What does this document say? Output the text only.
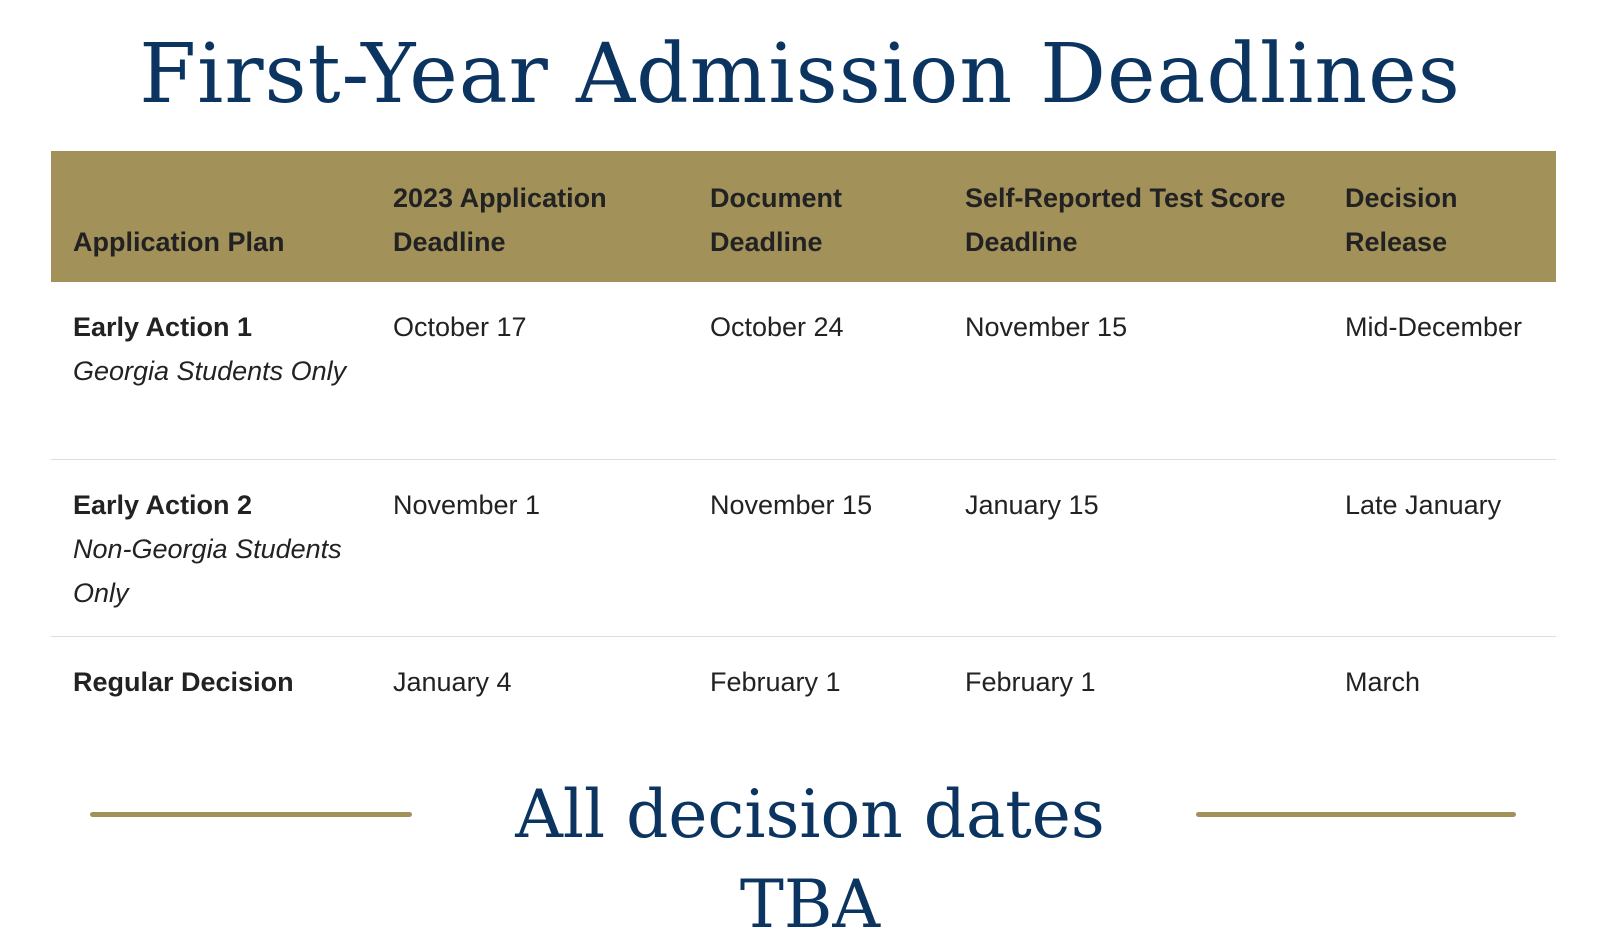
First-Year Admission Deadlines
Application Plan	2023 Application Deadline	Document Deadline	Self-Reported Test Score Deadline	Decision Release

Early Action 1
Georgia Students Only	October 17	October 24	November 15	Mid-December

Early Action 2
Non-Georgia Students Only	November 1	November 15	January 15	Late January

Regular Decision	January 4	February 1	February 1	March

All decision dates TBA
